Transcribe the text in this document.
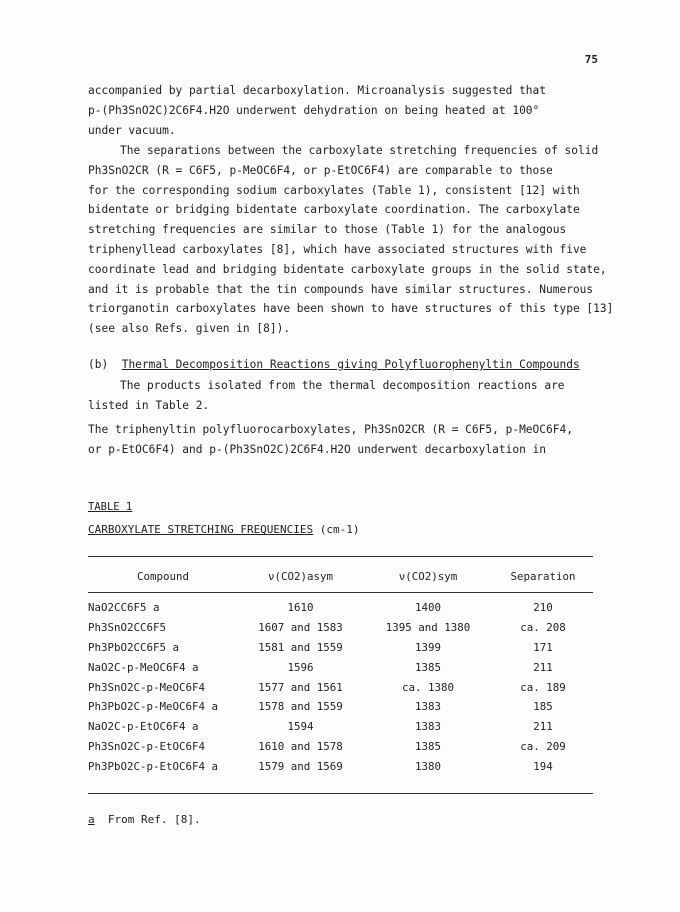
75
accompanied by partial decarboxylation. Microanalysis suggested that
p-(Ph3SnO2C)2C6F4.H2O underwent dehydration on being heated at 100°
under vacuum.
The separations between the carboxylate stretching frequencies of solid
Ph3SnO2CR (R = C6F5, p-MeOC6F4, or p-EtOC6F4) are comparable to those
for the corresponding sodium carboxylates (Table 1), consistent [12] with
bidentate or bridging bidentate carboxylate coordination. The carboxylate
stretching frequencies are similar to those (Table 1) for the analogous
triphenyllead carboxylates [8], which have associated structures with five
coordinate lead and bridging bidentate carboxylate groups in the solid state,
and it is probable that the tin compounds have similar structures. Numerous
triorganotin carboxylates have been shown to have structures of this type [13]
(see also Refs. given in [8]).
(b) Thermal Decomposition Reactions giving Polyfluorophenyltin Compounds
The products isolated from the thermal decomposition reactions are
listed in Table 2.
The triphenyltin polyfluorocarboxylates, Ph3SnO2CR (R = C6F5, p-MeOC6F4,
or p-EtOC6F4) and p-(Ph3SnO2C)2C6F4.H2O underwent decarboxylation in
TABLE 1
CARBOXYLATE STRETCHING FREQUENCIES (cm-1)
Compound	ν(CO2)asym	ν(CO2)sym	Separation
NaO2CC6F5 a	1610	1400	210
Ph3SnO2CC6F5	1607 and 1583	1395 and 1380	ca. 208
Ph3PbO2CC6F5 a	1581 and 1559	1399	171
NaO2C-p-MeOC6F4 a	1596	1385	211
Ph3SnO2C-p-MeOC6F4	1577 and 1561	ca. 1380	ca. 189
Ph3PbO2C-p-MeOC6F4 a	1578 and 1559	1383	185
NaO2C-p-EtOC6F4 a	1594	1383	211
Ph3SnO2C-p-EtOC6F4	1610 and 1578	1385	ca. 209
Ph3PbO2C-p-EtOC6F4 a	1579 and 1569	1380	194
a From Ref. [8].
